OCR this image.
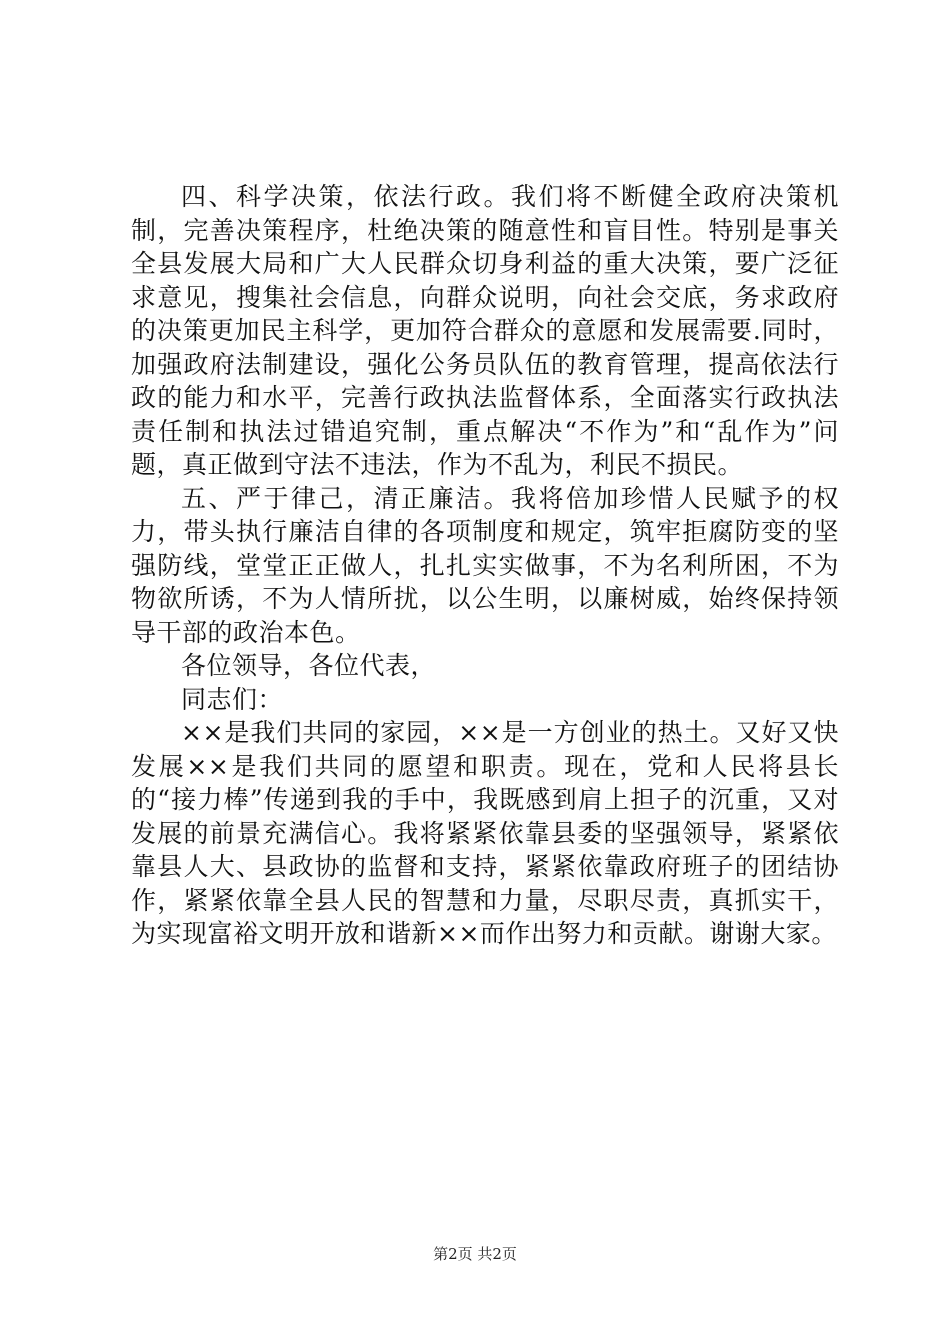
四、科学决策，依法行政。我们将不断健全政府决策机制，完善决策程序，杜绝决策的随意性和盲目性。特别是事关全县发展大局和广大人民群众切身利益的重大决策，要广泛征求意见，搜集社会信息，向群众说明，向社会交底，务求政府的决策更加民主科学，更加符合群众的意愿和发展需要.同时，加强政府法制建设，强化公务员队伍的教育管理，提高依法行政的能力和水平，完善行政执法监督体系，全面落实行政执法责任制和执法过错追究制，重点解决“不作为”和“乱作为”问题，真正做到守法不违法，作为不乱为，利民不损民。

五、严于律己，清正廉洁。我将倍加珍惜人民赋予的权力，带头执行廉洁自律的各项制度和规定，筑牢拒腐防变的坚强防线，堂堂正正做人，扎扎实实做事，不为名利所困，不为物欲所诱，不为人情所扰，以公生明，以廉树威，始终保持领导干部的政治本色。

各位领导，各位代表，

同志们：

××是我们共同的家园，××是一方创业的热土。又好又快发展××是我们共同的愿望和职责。现在，党和人民将县长的“接力棒”传递到我的手中，我既感到肩上担子的沉重，又对发展的前景充满信心。我将紧紧依靠县委的坚强领导，紧紧依靠县人大、县政协的监督和支持，紧紧依靠政府班子的团结协作，紧紧依靠全县人民的智慧和力量，尽职尽责，真抓实干，为实现富裕文明开放和谐新××而作出努力和贡献。谢谢大家。

第2页 共2页
